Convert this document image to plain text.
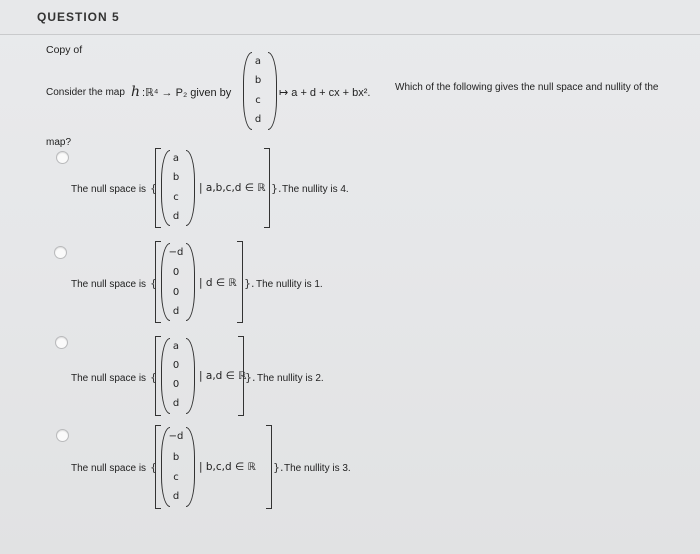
QUESTION 5
Copy of
Consider the map h :ℝ⁴ → P₂ given by
a
b
c
d
↦ a + d + cx + bx². Which of the following gives the null space and nullity of the
map?
The null space is {
a
b
c
d
| a,b,c,d ∈ ℝ }. The nullity is 4.
The null space is {
−d
0
0
d
| d ∈ ℝ }. The nullity is 1.
The null space is {
a
0
0
d
| a,d ∈ ℝ
}. The nullity is 2.
The null space is {
−d
b
c
d
| b,c,d ∈ ℝ }. The nullity is 3.
